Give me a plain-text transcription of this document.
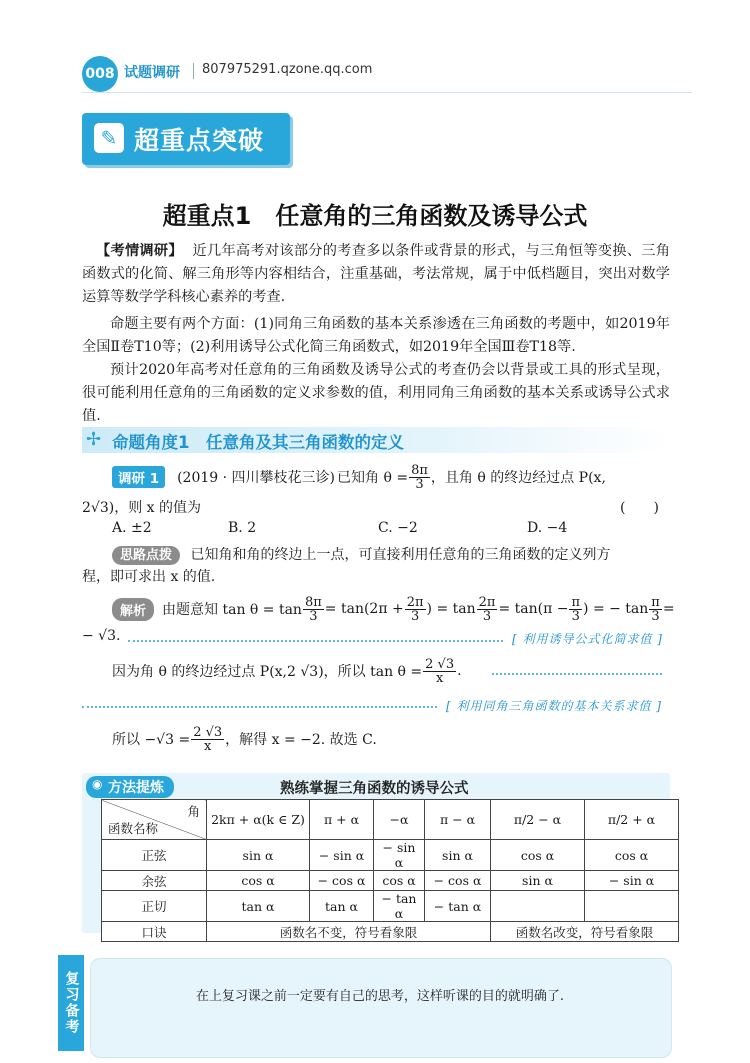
008 试题调研 807975291.qzone.qq.com
✎ 超重点突破
超重点1　任意角的三角函数及诱导公式
【考情调研】 近几年高考对该部分的考查多以条件或背景的形式，与三角恒等变换、三角函数式的化简、解三角形等内容相结合，注重基础，考法常规，属于中低档题目，突出对数学运算等数学学科核心素养的考查.
命题主要有两个方面：(1)同角三角函数的基本关系渗透在三角函数的考题中，如2019年全国Ⅱ卷T10等；(2)利用诱导公式化简三角函数式，如2019年全国Ⅲ卷T18等.
预计2020年高考对任意角的三角函数及诱导公式的考查仍会以背景或工具的形式呈现，很可能利用任意角的三角函数的定义求参数的值，利用同角三角函数的基本关系或诱导公式求值.
✢ 命题角度1　任意角及其三角函数的定义
调研 1	(2019 · 四川攀枝花三诊) 已知角 $\theta = \frac{8\pi}{3}$ ，且角 θ 的终边经过点 P(x,
2√3)，则 x 的值为	(　　)
A. ±2	B. 2	C. −2	D. −4
思路点拨 已知角和角的终边上一点，可直接利用任意角的三角函数的定义列方
程，即可求出 x 的值.
解析	由题意知 $\tan \theta = \tan \frac{8\pi}{3} = \tan(2\pi + \frac{2\pi}{3}$ ) = $\tan \frac{2\pi}{3} = \tan(\pi - \frac{\pi}{3}$ ) = − $\tan \frac{\pi}{3}$ =
− √3.	[ 利用诱导公式化简求值 ]
因为角 θ 的终边经过点 P(x,2 √3)，所以 $\tan \theta = \frac{2 √3}{x}$ .
[ 利用同角三角函数的基本关系求值 ]
所以 $-√3 = \frac{2 √3}{x}$ ，解得 x = −2. 故选 C.
◉ 方法提炼	熟练掌握三角函数的诱导公式
角
函数名称	2kπ + α(k ∈ Z)	π + α	−α	π − α	π/2 − α	π/2 + α
正弦	sin α	− sin α	− sin α	sin α	cos α	cos α
余弦	cos α	− cos α	cos α	− cos α	sin α	− sin α
正切	tan α	tan α	− tan α	− tan α		
口诀	函数名不变，符号看象限				函数名改变，符号看象限	
复习备考	在上复习课之前一定要有自己的思考，这样听课的目的就明确了.
